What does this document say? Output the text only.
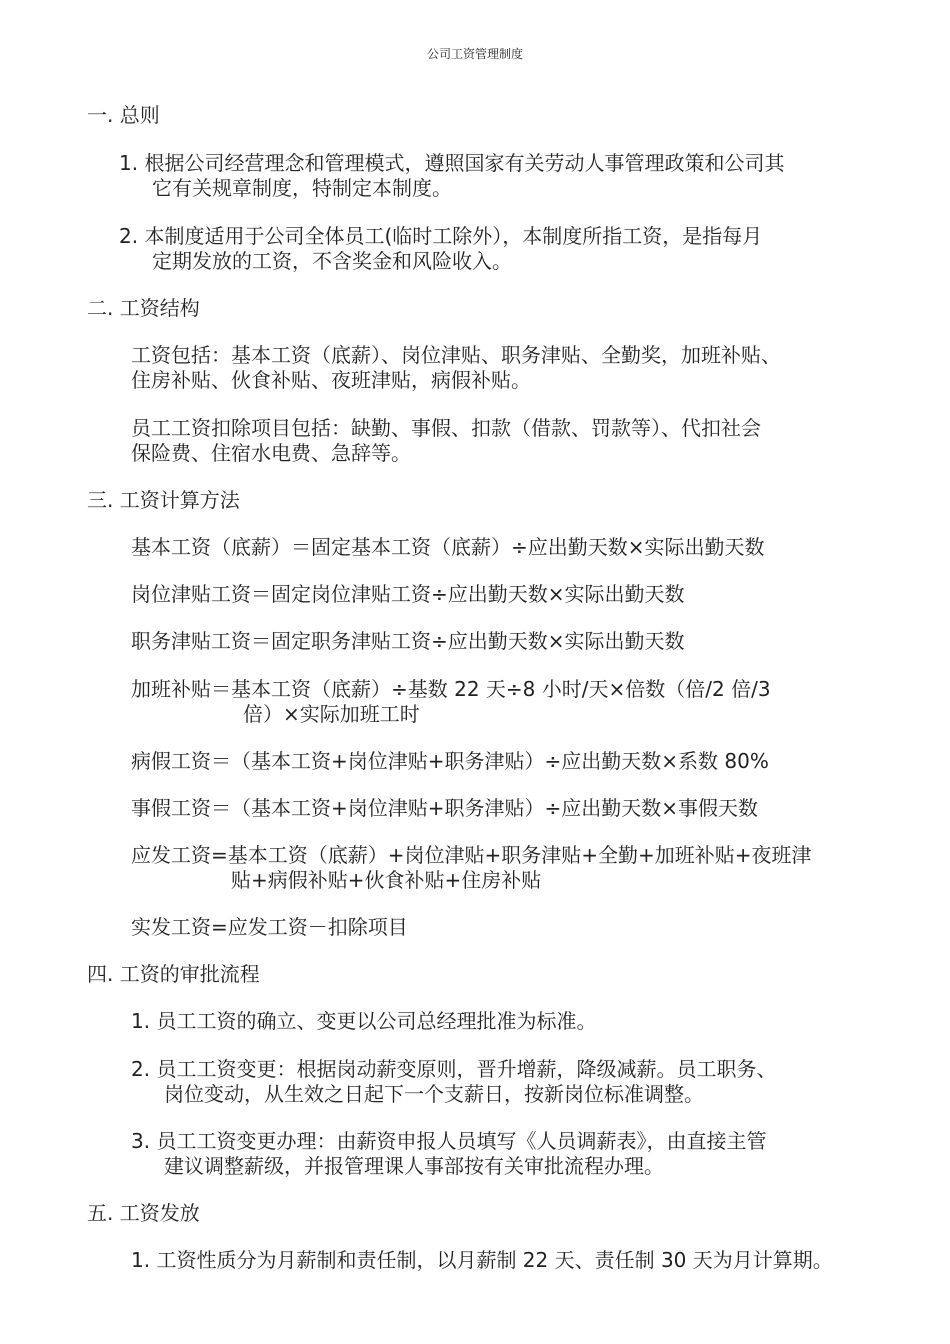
公司工资管理制度
一. 总则
1. 根据公司经营理念和管理模式，遵照国家有关劳动人事管理政策和公司其
它有关规章制度，特制定本制度。
2. 本制度适用于公司全体员工(临时工除外），本制度所指工资，是指每月
定期发放的工资，不含奖金和风险收入。
二. 工资结构
工资包括：基本工资（底薪）、岗位津贴、职务津贴、全勤奖，加班补贴、
住房补贴、伙食补贴、夜班津贴，病假补贴。
员工工资扣除项目包括：缺勤、事假、扣款（借款、罚款等）、代扣社会
保险费、住宿水电费、急辞等。
三. 工资计算方法
基本工资（底薪）＝固定基本工资（底薪）÷应出勤天数×实际出勤天数
岗位津贴工资＝固定岗位津贴工资÷应出勤天数×实际出勤天数
职务津贴工资＝固定职务津贴工资÷应出勤天数×实际出勤天数
加班补贴＝基本工资（底薪）÷基数 22 天÷8 小时/天×倍数（倍/2 倍/3
倍）×实际加班工时
病假工资＝（基本工资+岗位津贴+职务津贴）÷应出勤天数×系数 80%
事假工资＝（基本工资+岗位津贴+职务津贴）÷应出勤天数×事假天数
应发工资=基本工资（底薪）+岗位津贴+职务津贴+全勤+加班补贴+夜班津
贴+病假补贴+伙食补贴+住房补贴
实发工资=应发工资－扣除项目
四. 工资的审批流程
1. 员工工资的确立、变更以公司总经理批准为标准。
2. 员工工资变更：根据岗动薪变原则，晋升增薪，降级减薪。员工职务、
岗位变动，从生效之日起下一个支薪日，按新岗位标准调整。
3. 员工工资变更办理：由薪资申报人员填写《人员调薪表》，由直接主管
建议调整薪级，并报管理课人事部按有关审批流程办理。
五. 工资发放
1. 工资性质分为月薪制和责任制，以月薪制 22 天、责任制 30 天为月计算期。
